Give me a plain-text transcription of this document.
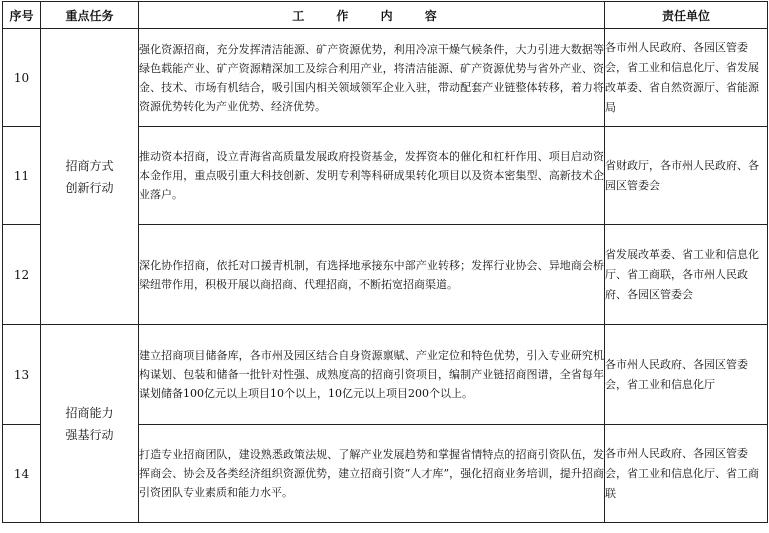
序号	重点任务	工 作 内 容	责任单位
10	招商方式创新行动	强化资源招商，充分发挥清洁能源、矿产资源优势，利用冷凉干燥气候条件，大力引进大数据等绿色载能产业、矿产资源精深加工及综合利用产业，将清洁能源、矿产资源优势与省外产业、资金、技术、市场有机结合，吸引国内相关领域领军企业入驻，带动配套产业链整体转移，着力将资源优势转化为产业优势、经济优势。	各市州人民政府、各园区管委会，省工业和信息化厅、省发展改革委、省自然资源厅、省能源局
11		推动资本招商，设立青海省高质量发展政府投资基金，发挥资本的催化和杠杆作用、项目启动资本金作用，重点吸引重大科技创新、发明专利等科研成果转化项目以及资本密集型、高新技术企业落户。	省财政厅，各市州人民政府、各园区管委会
12		深化协作招商，依托对口援青机制，有选择地承接东中部产业转移；发挥行业协会、异地商会桥梁纽带作用，积极开展以商招商、代理招商，不断拓宽招商渠道。	省发展改革委、省工业和信息化厅、省工商联，各市州人民政府、各园区管委会
13	招商能力强基行动	建立招商项目储备库，各市州及园区结合自身资源禀赋、产业定位和特色优势，引入专业研究机构谋划、包装和储备一批针对性强、成熟度高的招商引资项目，编制产业链招商图谱，全省每年谋划储备100亿元以上项目10个以上，10亿元以上项目200个以上。	各市州人民政府、各园区管委会，省工业和信息化厅
14		打造专业招商团队，建设熟悉政策法规、了解产业发展趋势和掌握省情特点的招商引资队伍，发挥商会、协会及各类经济组织资源优势，建立招商引资“人才库”，强化招商业务培训，提升招商引资团队专业素质和能力水平。	各市州人民政府、各园区管委会，省工业和信息化厅、省工商联
